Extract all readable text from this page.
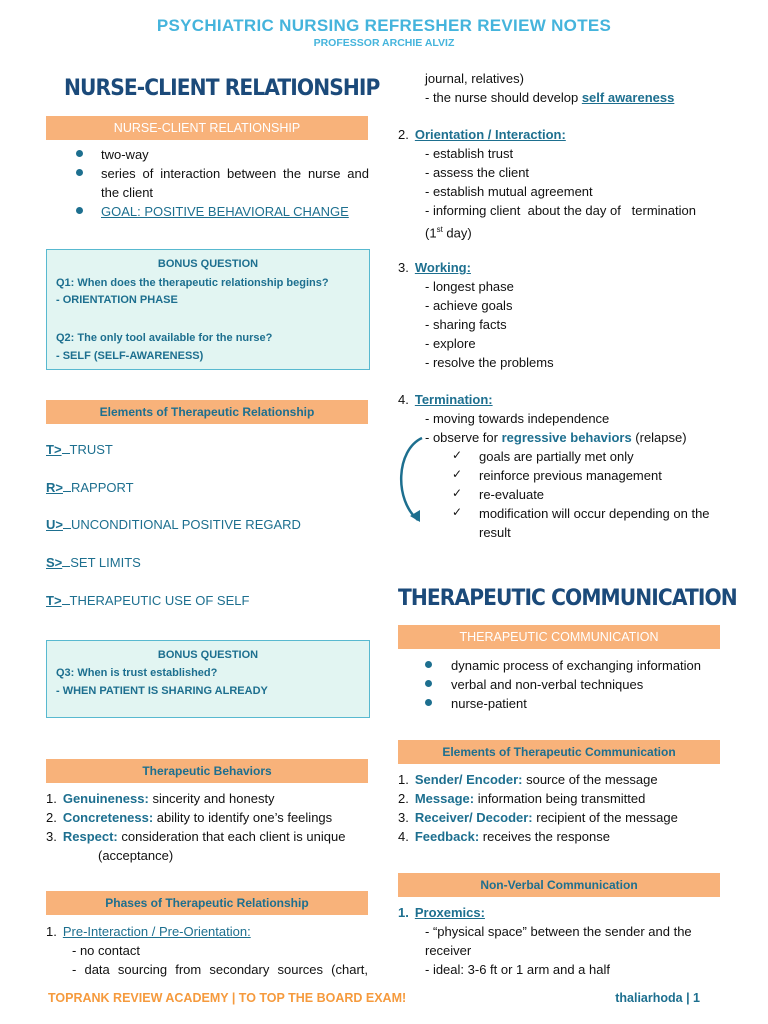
PSYCHIATRIC NURSING REFRESHER REVIEW NOTES
PROFESSOR ARCHIE ALVIZ
NURSE-CLIENT RELATIONSHIP
NURSE-CLIENT RELATIONSHIP
two-way
series of interaction between the nurse and
the client
GOAL: POSITIVE BEHAVIORAL CHANGE
BONUS QUESTION
Q1: When does the therapeutic relationship begins?
- ORIENTATION PHASE
Q2: The only tool available for the nurse?
- SELF (SELF-AWARENESS)
Elements of Therapeutic Relationship
T> TRUST
R> RAPPORT
U> UNCONDITIONAL POSITIVE REGARD
S> SET LIMITS
T> THERAPEUTIC USE OF SELF
BONUS QUESTION
Q3: When is trust established?
- WHEN PATIENT IS SHARING ALREADY
Therapeutic Behaviors
1. Genuineness: sincerity and honesty
2. Concreteness: ability to identify one’s feelings
3. Respect: consideration that each client is unique
(acceptance)
Phases of Therapeutic Relationship
1. Pre-Interaction / Pre-Orientation:
- no contact
- data sourcing from secondary sources (chart,
journal, relatives)
- the nurse should develop self awareness
2. Orientation / Interaction:
- establish trust
- assess the client
- establish mutual agreement
- informing client  about the day of   termination
(1st day)
3. Working:
- longest phase
- achieve goals
- sharing facts
- explore
- resolve the problems
4. Termination:
- moving towards independence
- observe for regressive behaviors (relapse)
✓ goals are partially met only
✓ reinforce previous management
✓ re-evaluate
✓ modification will occur depending on the
result
THERAPEUTIC COMMUNICATION
THERAPEUTIC COMMUNICATION
dynamic process of exchanging information
verbal and non-verbal techniques
nurse-patient
Elements of Therapeutic Communication
1. Sender/ Encoder: source of the message
2. Message: information being transmitted
3. Receiver/ Decoder: recipient of the message
4. Feedback: receives the response
Non-Verbal Communication
1. Proxemics:
- “physical space” between the sender and the
receiver
- ideal: 3-6 ft or 1 arm and a half
TOPRANK REVIEW ACADEMY | TO TOP THE BOARD EXAM!	thaliarhoda | 1
